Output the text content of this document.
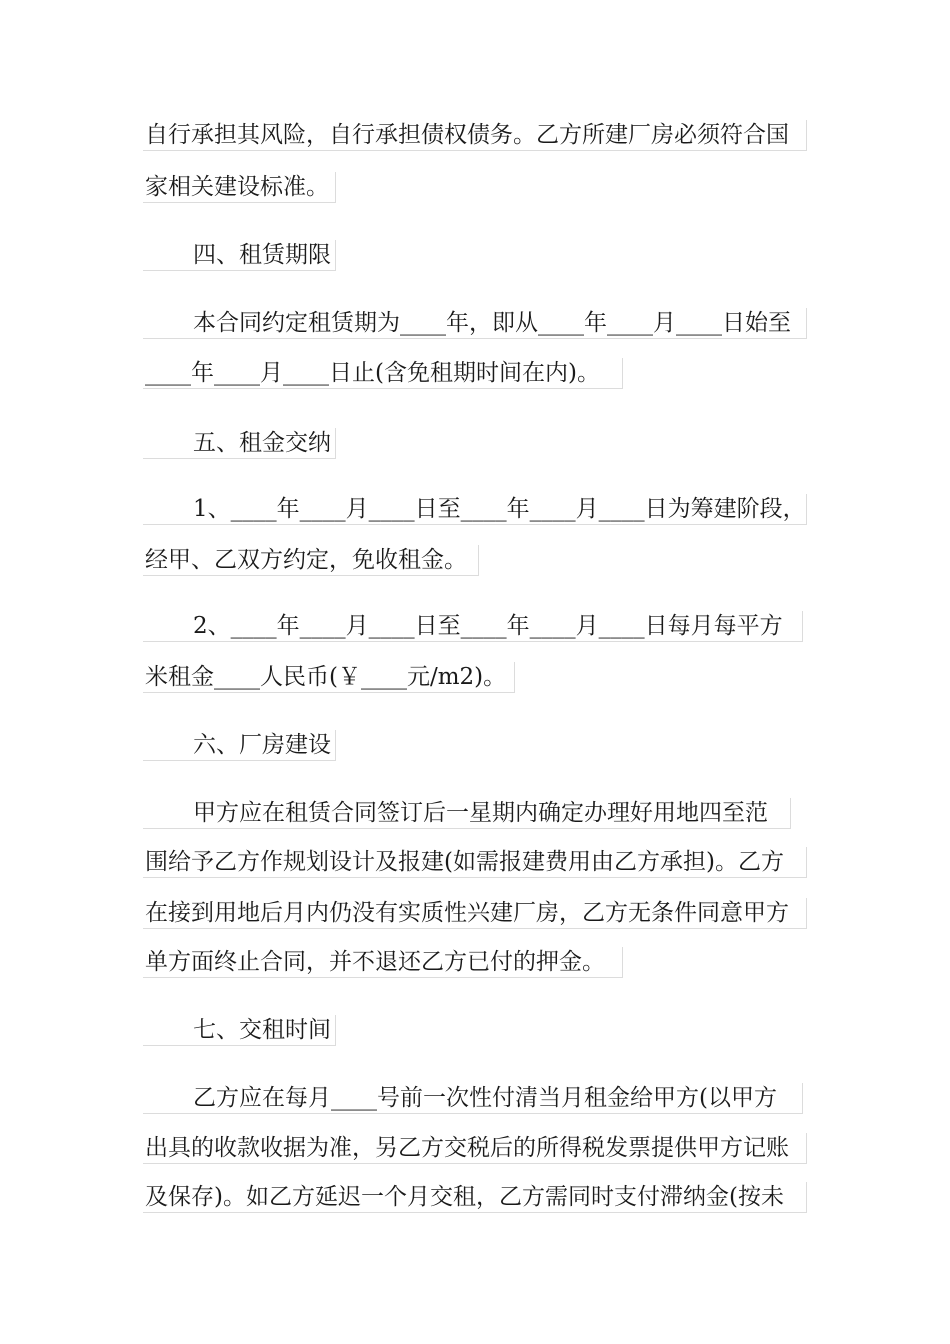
自行承担其风险，自行承担债权债务。乙方所建厂房必须符合国
家相关建设标准。
四、租赁期限
本合同约定租赁期为____年，即从____年____月____日始至
____年____月____日止(含免租期时间在内)。
五、租金交纳
1、____年____月____日至____年____月____日为筹建阶段，
经甲、乙双方约定，免收租金。
2、____年____月____日至____年____月____日每月每平方
米租金____人民币(￥____元/m2)。
六、厂房建设
甲方应在租赁合同签订后一星期内确定办理好用地四至范
围给予乙方作规划设计及报建(如需报建费用由乙方承担)。乙方
在接到用地后月内仍没有实质性兴建厂房，乙方无条件同意甲方
单方面终止合同，并不退还乙方已付的押金。
七、交租时间
乙方应在每月____号前一次性付清当月租金给甲方(以甲方
出具的收款收据为准，另乙方交税后的所得税发票提供甲方记账
及保存)。如乙方延迟一个月交租，乙方需同时支付滞纳金(按未
